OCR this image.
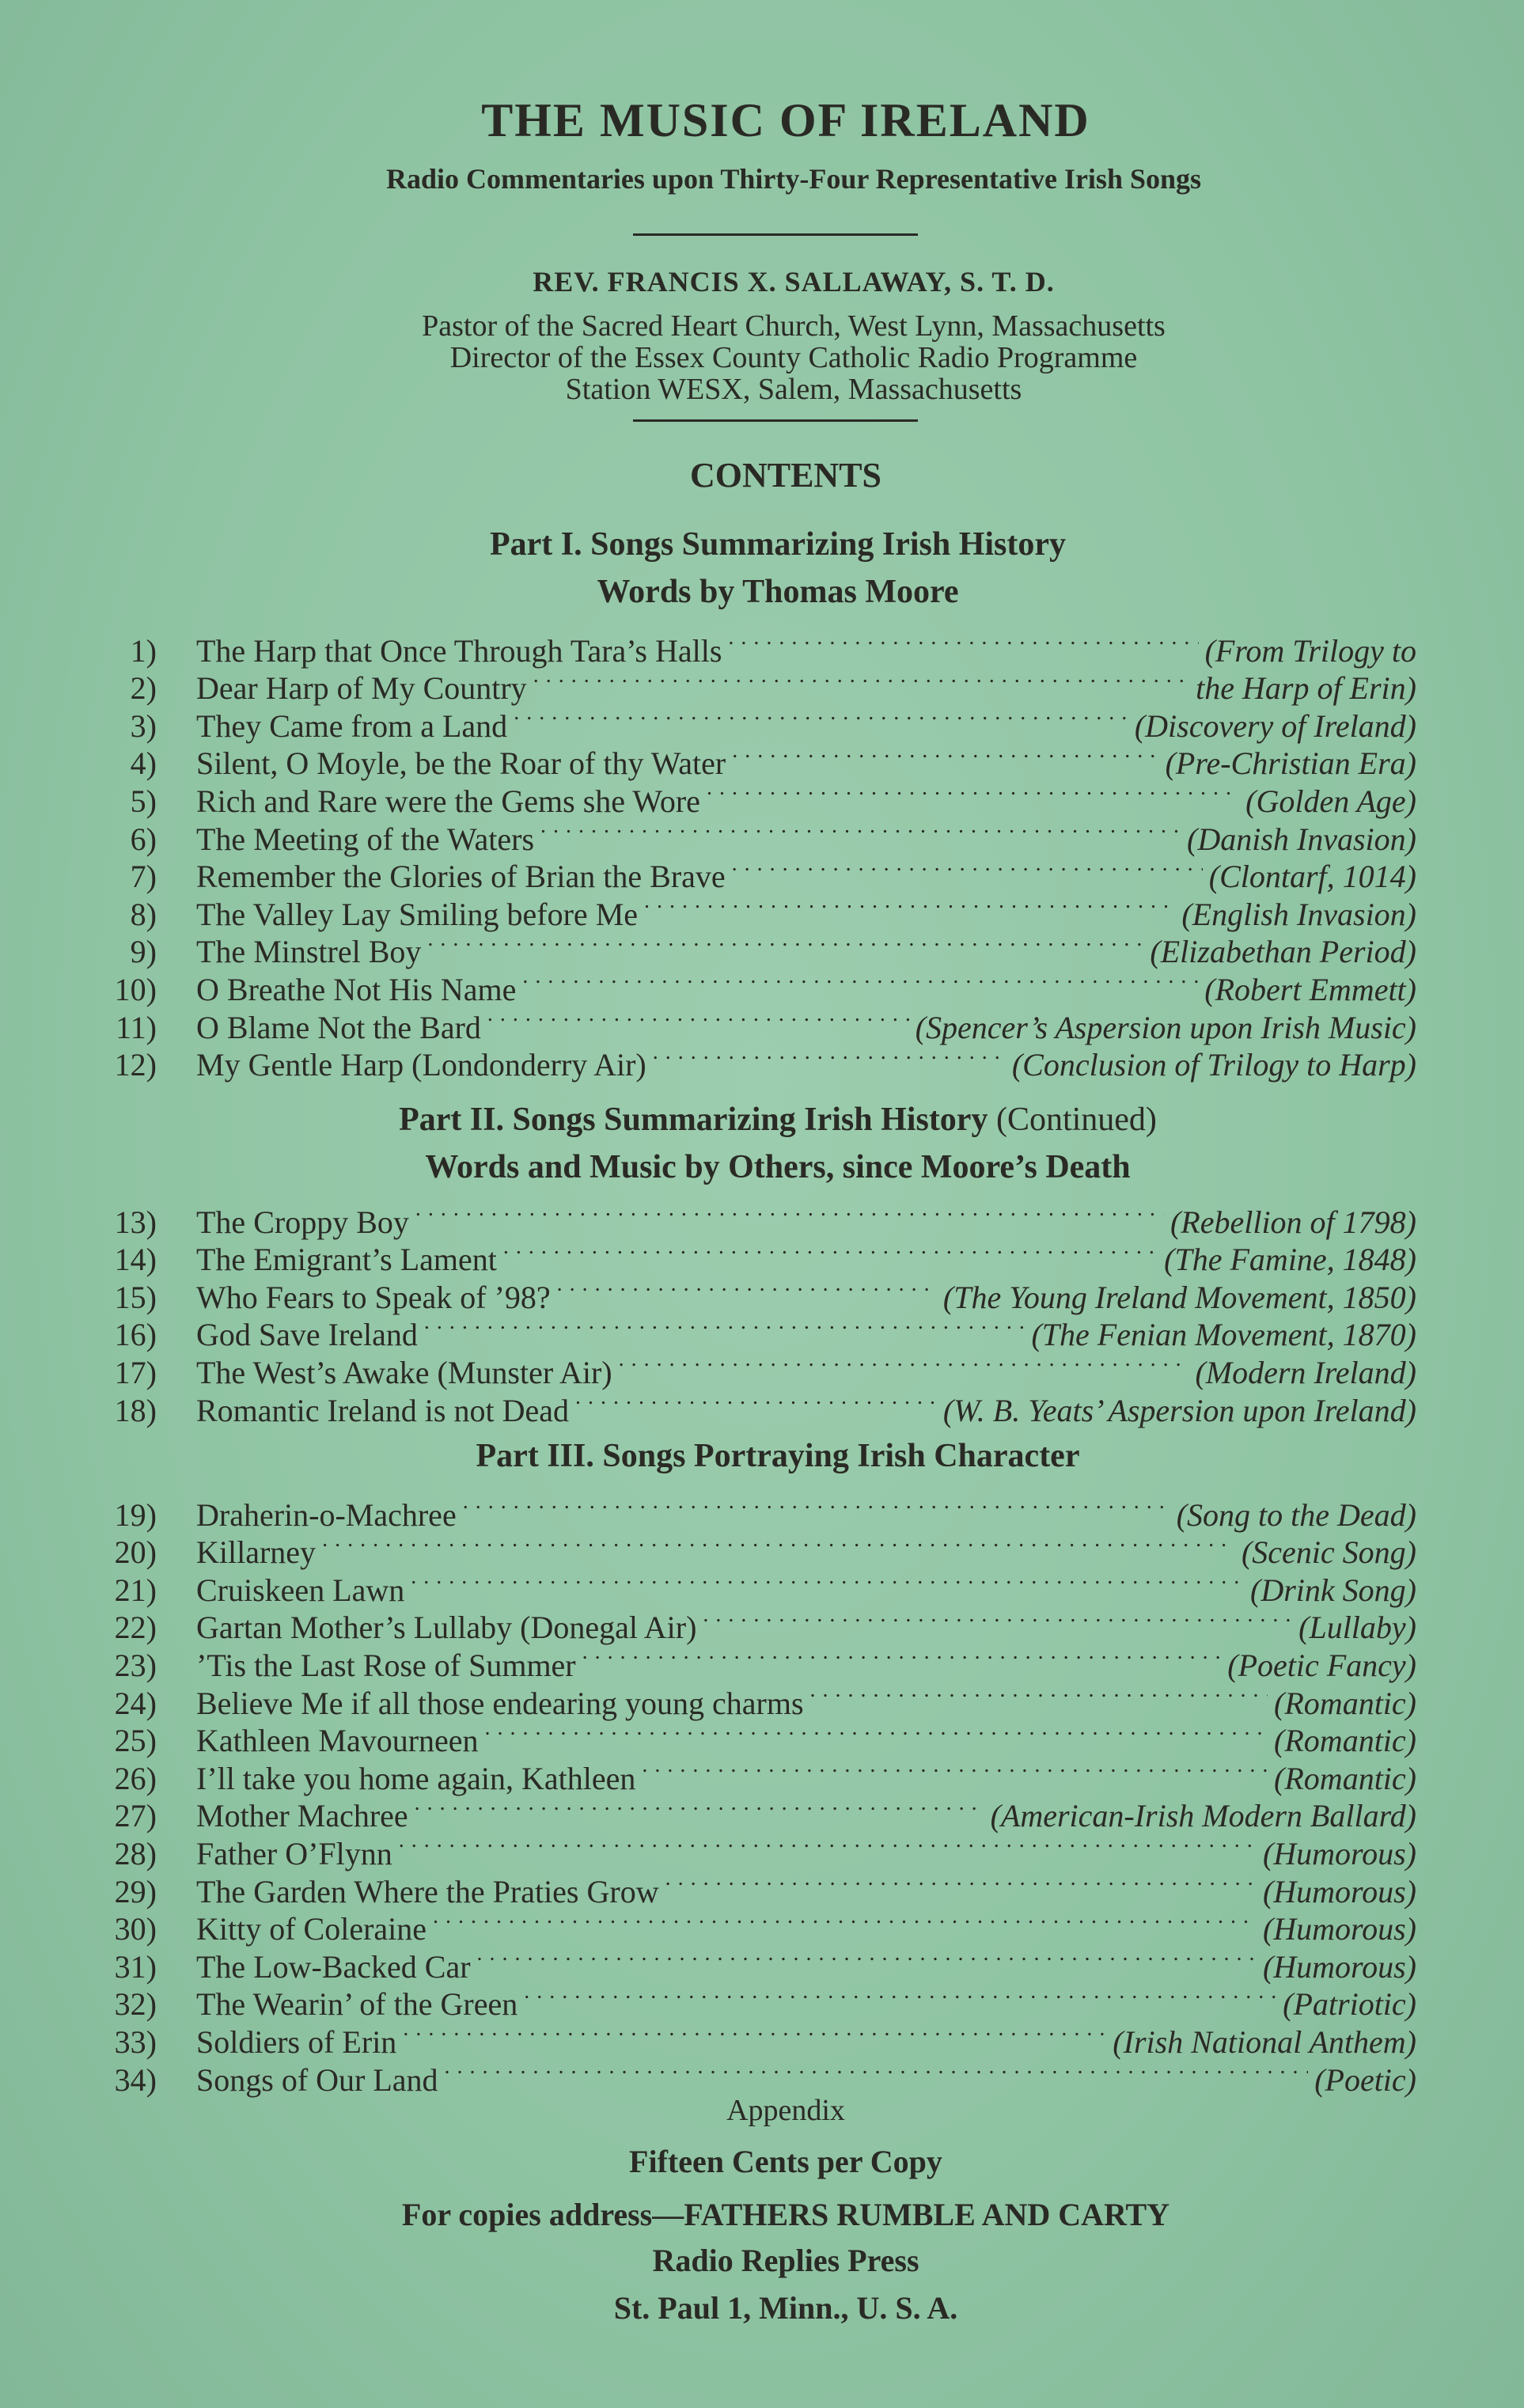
THE MUSIC OF IRELAND
Radio Commentaries upon Thirty-Four Representative Irish Songs
REV. FRANCIS X. SALLAWAY, S. T. D.
Pastor of the Sacred Heart Church, West Lynn, Massachusetts
Director of the Essex County Catholic Radio Programme
Station WESX, Salem, Massachusetts
CONTENTS
Part I. Songs Summarizing Irish History
Words by Thomas Moore
1) The Harp that Once Through Tara’s Halls . . .	(From Trilogy to
2) Dear Harp of My Country . . .	the Harp of Erin)
3) They Came from a Land . . .	(Discovery of Ireland)
4) Silent, O Moyle, be the Roar of thy Water . . .	(Pre-Christian Era)
5) Rich and Rare were the Gems she Wore . . .	(Golden Age)
6) The Meeting of the Waters . . .	(Danish Invasion)
7) Remember the Glories of Brian the Brave . . .	(Clontarf, 1014)
8) The Valley Lay Smiling before Me . . .	(English Invasion)
9) The Minstrel Boy . . .	(Elizabethan Period)
10) O Breathe Not His Name . . .	(Robert Emmett)
11) O Blame Not the Bard . . .	(Spencer’s Aspersion upon Irish Music)
12) My Gentle Harp (Londonderry Air) . . .	(Conclusion of Trilogy to Harp)
Part II. Songs Summarizing Irish History (Continued)
Words and Music by Others, since Moore’s Death
13) The Croppy Boy . . .	(Rebellion of 1798)
14) The Emigrant’s Lament . . .	(The Famine, 1848)
15) Who Fears to Speak of ’98? . . .	(The Young Ireland Movement, 1850)
16) God Save Ireland . . .	(The Fenian Movement, 1870)
17) The West’s Awake (Munster Air) . . .	(Modern Ireland)
18) Romantic Ireland is not Dead . . .	(W. B. Yeats’ Aspersion upon Ireland)
Part III. Songs Portraying Irish Character
19) Draherin-o-Machree . . .	(Song to the Dead)
20) Killarney . . .	(Scenic Song)
21) Cruiskeen Lawn . . .	(Drink Song)
22) Gartan Mother’s Lullaby (Donegal Air) . . .	(Lullaby)
23) ’Tis the Last Rose of Summer . . .	(Poetic Fancy)
24) Believe Me if all those endearing young charms . . .	(Romantic)
25) Kathleen Mavourneen . . .	(Romantic)
26) I’ll take you home again, Kathleen . . .	(Romantic)
27) Mother Machree . . .	(American-Irish Modern Ballard)
28) Father O’Flynn . . .	(Humorous)
29) The Garden Where the Praties Grow . . .	(Humorous)
30) Kitty of Coleraine . . .	(Humorous)
31) The Low-Backed Car . . .	(Humorous)
32) The Wearin’ of the Green . . .	(Patriotic)
33) Soldiers of Erin . . .	(Irish National Anthem)
34) Songs of Our Land . . .	(Poetic)
Appendix
Fifteen Cents per Copy
For copies address—FATHERS RUMBLE AND CARTY
Radio Replies Press
St. Paul 1, Minn., U. S. A.
